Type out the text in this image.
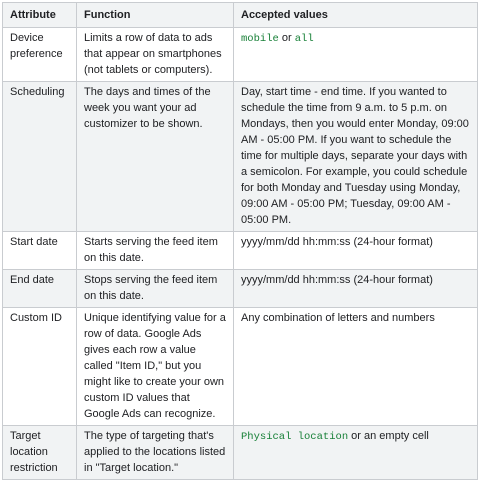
Attribute	Function	Accepted values
Device preference	Limits a row of data to ads that appear on smartphones (not tablets or computers).	mobile or all
Scheduling	The days and times of the week you want your ad customizer to be shown.	Day, start time - end time. If you wanted to schedule the time from 9 a.m. to 5 p.m. on Mondays, then you would enter Monday, 09:00 AM - 05:00 PM. If you want to schedule the time for multiple days, separate your days with a semicolon. For example, you could schedule for both Monday and Tuesday using Monday, 09:00 AM - 05:00 PM; Tuesday, 09:00 AM - 05:00 PM.
Start date	Starts serving the feed item on this date.	yyyy/mm/dd hh:mm:ss (24-hour format)
End date	Stops serving the feed item on this date.	yyyy/mm/dd hh:mm:ss (24-hour format)
Custom ID	Unique identifying value for a row of data. Google Ads gives each row a value called "Item ID," but you might like to create your own custom ID values that Google Ads can recognize.	Any combination of letters and numbers
Target location restriction	The type of targeting that's applied to the locations listed in "Target location."	Physical location or an empty cell
